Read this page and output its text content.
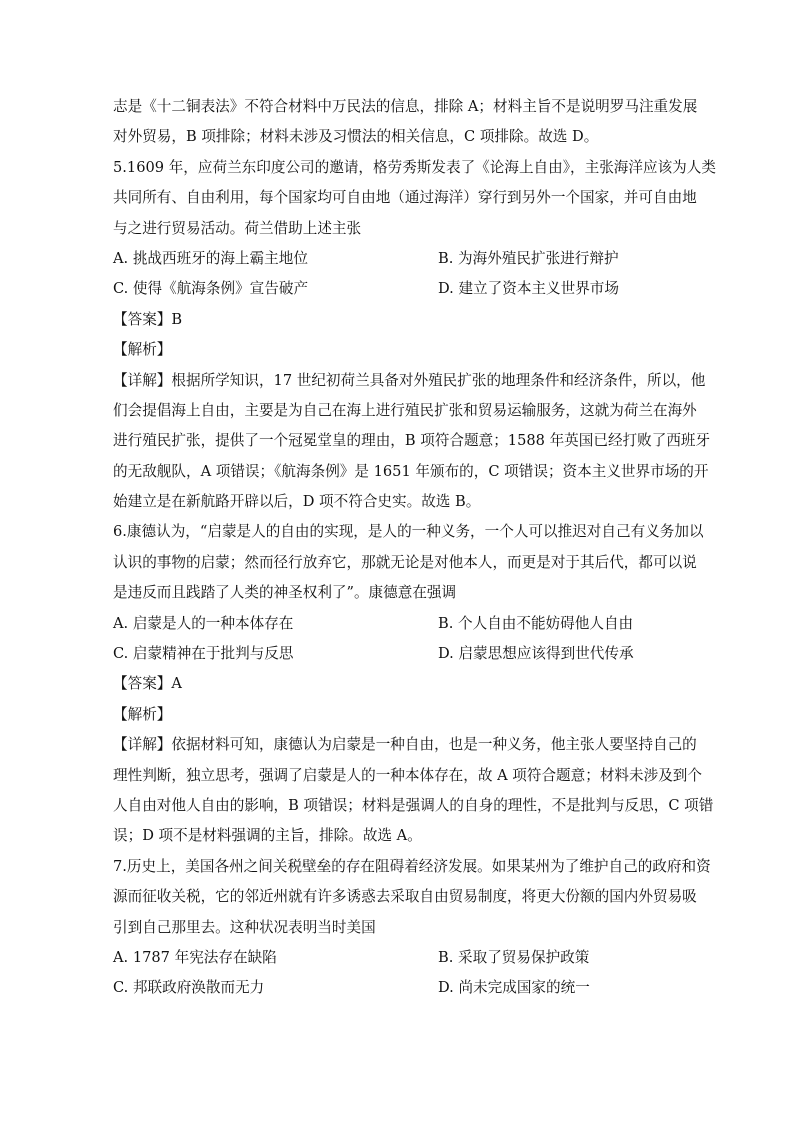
志是《十二铜表法》不符合材料中万民法的信息，排除 A；材料主旨不是说明罗马注重发展
对外贸易，B 项排除；材料未涉及习惯法的相关信息，C 项排除。故选 D。
5.1609 年，应荷兰东印度公司的邀请，格劳秀斯发表了《论海上自由》，主张海洋应该为人类
共同所有、自由利用，每个国家均可自由地（通过海洋）穿行到另外一个国家，并可自由地
与之进行贸易活动。荷兰借助上述主张
A. 挑战西班牙的海上霸主地位	B. 为海外殖民扩张进行辩护
C. 使得《航海条例》宣告破产	D. 建立了资本主义世界市场
【答案】B
【解析】
【详解】根据所学知识，17 世纪初荷兰具备对外殖民扩张的地理条件和经济条件，所以，他
们会提倡海上自由，主要是为自己在海上进行殖民扩张和贸易运输服务，这就为荷兰在海外
进行殖民扩张，提供了一个冠冕堂皇的理由，B 项符合题意；1588 年英国已经打败了西班牙
的无敌舰队，A 项错误；《航海条例》是 1651 年颁布的，C 项错误；资本主义世界市场的开
始建立是在新航路开辟以后，D 项不符合史实。故选 B。
6.康德认为，“启蒙是人的自由的实现，是人的一种义务，一个人可以推迟对自己有义务加以
认识的事物的启蒙；然而径行放弃它，那就无论是对他本人，而更是对于其后代，都可以说
是违反而且践踏了人类的神圣权利了”。康德意在强调
A. 启蒙是人的一种本体存在	B. 个人自由不能妨碍他人自由
C. 启蒙精神在于批判与反思	D. 启蒙思想应该得到世代传承
【答案】A
【解析】
【详解】依据材料可知，康德认为启蒙是一种自由，也是一种义务，他主张人要坚持自己的
理性判断，独立思考，强调了启蒙是人的一种本体存在，故 A 项符合题意；材料未涉及到个
人自由对他人自由的影响，B 项错误；材料是强调人的自身的理性，不是批判与反思，C 项错
误；D 项不是材料强调的主旨，排除。故选 A。
7.历史上，美国各州之间关税壁垒的存在阻碍着经济发展。如果某州为了维护自己的政府和资
源而征收关税，它的邻近州就有许多诱惑去采取自由贸易制度，将更大份额的国内外贸易吸
引到自己那里去。这种状况表明当时美国
A. 1787 年宪法存在缺陷	B. 采取了贸易保护政策
C. 邦联政府涣散而无力	D. 尚未完成国家的统一
